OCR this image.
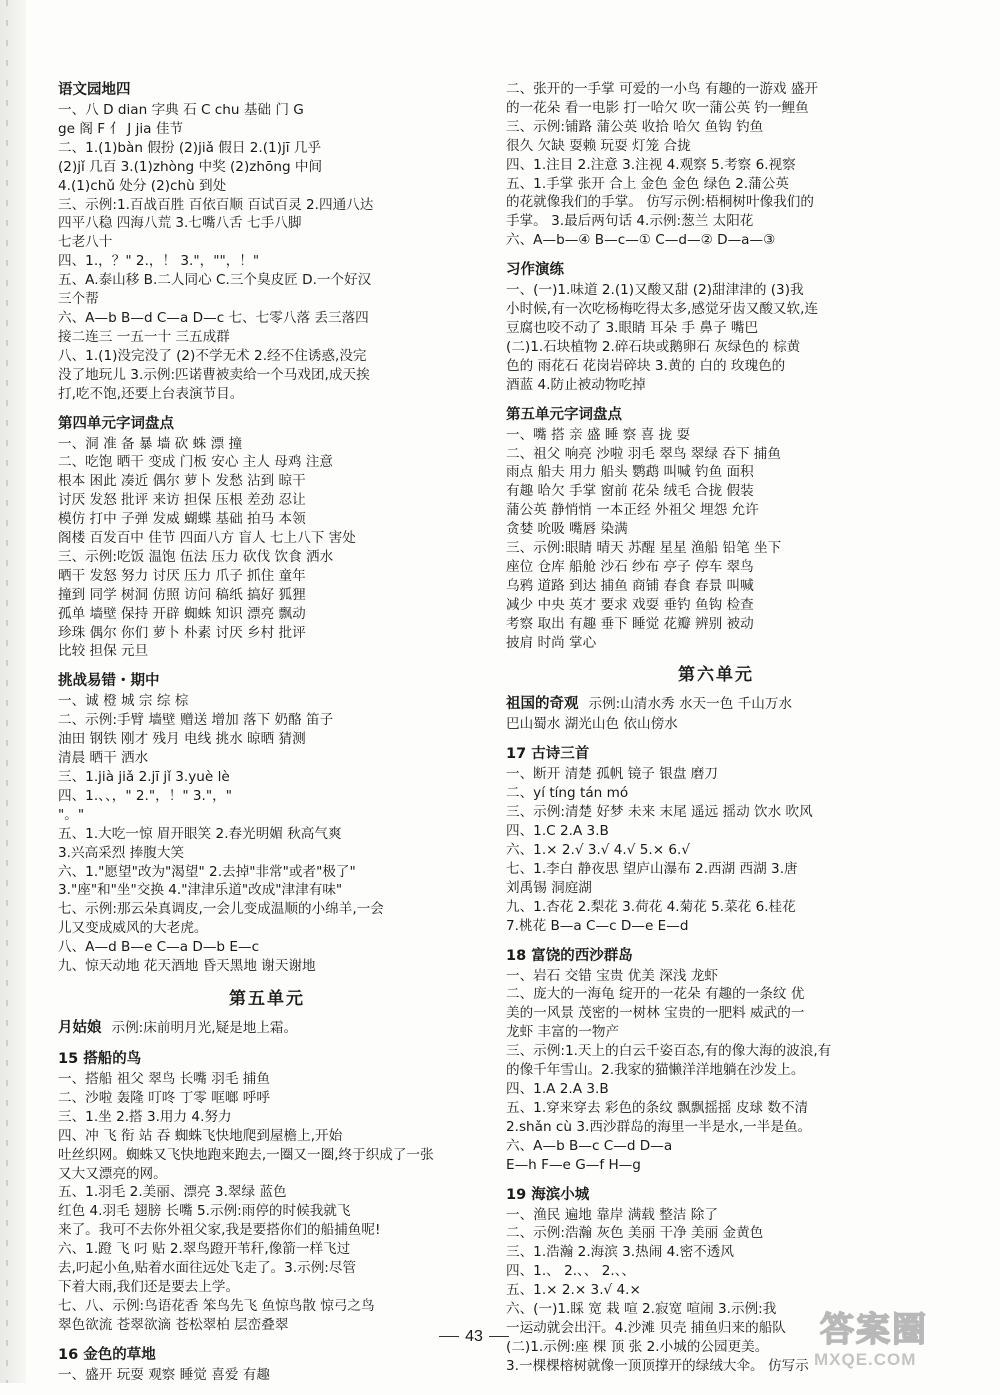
语文园地四
一、八 D dian 字典 石 C chu 基础 门 G
ge 阁 F 亻 J jia 佳节
二、1.(1)bàn 假扮 (2)jiǎ 假日 2.(1)jī 几乎
(2)jǐ 几百 3.(1)zhòng 中奖 (2)zhōng 中间
4.(1)chǔ 处分 (2)chù 到处
三、示例:1.百战百胜 百依百顺 百试百灵 2.四通八达
四平八稳 四海八荒 3.七嘴八舌 七手八脚
七老八十
四、1.，？" 2.，！ 3."，""，！"
五、A.泰山移 B.二人同心 C.三个臭皮匠 D.一个好汉
三个帮
六、A—b B—d C—a D—c 七、七零八落 丢三落四
接二连三 一五一十 三五成群
八、1.(1)没完没了 (2)不学无术 2.经不住诱惑,没完
没了地玩儿 3.示例:匹诺曹被卖给一个马戏团,成天挨
打,吃不饱,还要上台表演节目。
第四单元字词盘点
一、洞 准 备 暴 墙 砍 蛛 漂 撞
二、吃饱 晒干 变成 门板 安心 主人 母鸡 注意
根本 困此 凑近 偶尔 萝卜 发愁 沾到 晾干
讨厌 发怒 批评 来访 担保 压根 差劲 忍让
模仿 打中 子弹 发威 蝴蝶 基础 拍马 本领
阁楼 百发百中 佳节 四面八方 盲人 七上八下 害处
三、示例:吃饭 温饱 伍法 压力 砍伐 饮食 洒水
晒干 发怒 努力 讨厌 压力 爪子 抓住 童年
撞到 同学 树洞 仿照 访问 稿纸 搞好 狐狸
孤单 墙壁 保持 开辟 蜘蛛 知识 漂亮 飘动
珍珠 偶尔 你们 萝卜 朴素 讨厌 乡村 批评
比较 担保 元旦
挑战易错・期中
一、诚 橙 城 宗 综 棕
二、示例:手臂 墙壁 赠送 增加 落下 奶酪 笛子
油田 钢铁 刚才 残月 电线 挑水 晾晒 猜测
清晨 晒干 洒水
三、1.jià jiǎ 2.jī jǐ 3.yuè lè
四、1.、、，" 2."，！" 3."，"
"。"
五、1.大吃一惊 眉开眼笑 2.春光明媚 秋高气爽
3.兴高采烈 捧腹大笑
六、1."愿望"改为"渴望" 2.去掉"非常"或者"极了"
3."座"和"坐"交换 4."津津乐道"改成"津津有味"
七、示例:那云朵真调皮,一会儿变成温顺的小绵羊,一会
儿又变成威风的大老虎。
八、A—d B—e C—a D—b E—c
九、惊天动地 花天酒地 昏天黑地 谢天谢地
第五单元
月姑娘 示例:床前明月光,疑是地上霜。
15 搭船的鸟
一、搭船 祖父 翠鸟 长嘴 羽毛 捕鱼
二、沙啦 轰隆 叮咚 丁零 哐啷 呼呼
三、1.坐 2.搭 3.用力 4.努力
四、冲 飞 衔 站 吞 蜘蛛飞快地爬到屋檐上,开始
吐丝织网。蜘蛛又飞快地跑来跑去,一圈又一圈,终于织成了一张
又大又漂亮的网。
五、1.羽毛 2.美丽、漂亮 3.翠绿 蓝色
红色 4.羽毛 翅膀 长嘴 5.示例:雨停的时候我就飞
来了。我可不去你外祖父家,我是要搭你们的船捕鱼呢!
六、1.蹬 飞 叼 贴 2.翠鸟蹬开苇秆,像箭一样飞过
去,叼起小鱼,贴着水面往远处飞走了。3.示例:尽管
下着大雨,我们还是要去上学。
七、八、示例:鸟语花香 笨鸟先飞 鱼惊鸟散 惊弓之鸟
翠色欲流 苍翠欲滴 苍松翠柏 层峦叠翠
16 金色的草地
一、盛开 玩耍 观察 睡觉 喜爱 有趣
二、张开的一手掌 可爱的一小鸟 有趣的一游戏 盛开
的一花朵 看一电影 打一哈欠 吹一蒲公英 钓一鲤鱼
三、示例:铺路 蒲公英 收拾 哈欠 鱼钩 钓鱼
很久 欠缺 耍赖 玩耍 灯笼 合拢
四、1.注目 2.注意 3.注视 4.观察 5.考察 6.视察
五、1.手掌 张开 合上 金色 金色 绿色 2.蒲公英
的花就像我们的手掌。 仿写示例:梧桐树叶像我们的
手掌。 3.最后两句话 4.示例:葱兰 太阳花
六、A—b—④ B—c—① C—d—② D—a—③
习作演练
一、(一)1.味道 2.(1)又酸又甜 (2)甜津津的 (3)我
小时候,有一次吃杨梅吃得太多,感觉牙齿又酸又软,连
豆腐也咬不动了 3.眼睛 耳朵 手 鼻子 嘴巴
(二)1.石块植物 2.碎石块或鹅卵石 灰绿色的 棕黄
色的 雨花石 花岗岩碎块 3.黄的 白的 玫瑰色的
酒蓝 4.防止被动物吃掉
第五单元字词盘点
一、嘴 搭 亲 盛 睡 察 喜 拢 耍
二、祖父 响亮 沙啦 羽毛 翠鸟 翠绿 吞下 捕鱼
雨点 船夫 用力 船头 鹦鹉 叫喊 钓鱼 面积
有趣 哈欠 手掌 窗前 花朵 绒毛 合拢 假装
蒲公英 静悄悄 一本正经 外祖父 埋怨 允许
贪婪 吮吸 嘴唇 染满
三、示例:眼睛 晴天 苏醒 星星 渔船 铅笔 坐下
座位 仓库 船舱 沙石 纱布 亭子 停车 翠鸟
乌鸦 道路 到达 捕鱼 商铺 春食 春景 叫喊
减少 中央 英才 要求 戏耍 垂钓 鱼钩 检查
考察 取出 有趣 垂下 睡觉 花瓣 辨别 被动
披肩 时尚 掌心
第六单元
祖国的奇观 示例:山清水秀 水天一色 千山万水
巴山蜀水 湖光山色 依山傍水
17 古诗三首
一、断开 清楚 孤帆 镜子 银盘 磨刀
二、yí tíng tán mó
三、示例:清楚 好梦 未来 末尾 遥远 摇动 饮水 吹风
四、1.C 2.A 3.B
六、1.× 2.√ 3.√ 4.√ 5.× 6.√
七、1.李白 静夜思 望庐山瀑布 2.西湖 西湖 3.唐
刘禹锡 洞庭湖
九、1.杏花 2.梨花 3.荷花 4.菊花 5.菜花 6.桂花
7.桃花 B—a C—c D—e E—d
18 富饶的西沙群岛
一、岩石 交错 宝贵 优美 深浅 龙虾
二、庞大的一海龟 绽开的一花朵 有趣的一条纹 优
美的一风景 茂密的一树林 宝贵的一肥料 威武的一
龙虾 丰富的一物产
三、示例:1.天上的白云千姿百态,有的像大海的波浪,有
的像千年雪山。2.我家的猫懒洋洋地躺在沙发上。
四、1.A 2.A 3.B
五、1.穿来穿去 彩色的条纹 飘飘摇摇 皮球 数不清
2.shǎn cù 3.西沙群岛的海里一半是水,一半是鱼。
六、A—b B—c C—d D—a
E—h F—e G—f H—g
19 海滨小城
一、渔民 遍地 靠岸 满载 整洁 除了
二、示例:浩瀚 灰色 美丽 干净 美丽 金黄色
三、1.浩瀚 2.海滨 3.热闹 4.密不透风
四、1.、 2.、、 2.、、
五、1.× 2.× 3.√ 4.×
六、(一)1.睬 宽 栽 喧 2.寂宽 喧闹 3.示例:我
一运动就会出汗。4.沙滩 贝壳 捕鱼归来的船队
(二)1.示例:座 棵 顶 张 2.小城的公园更美。
3.一棵棵榕树就像一顶顶撑开的绿绒大伞。 仿写示
43	答案圈
MXQE.COM
